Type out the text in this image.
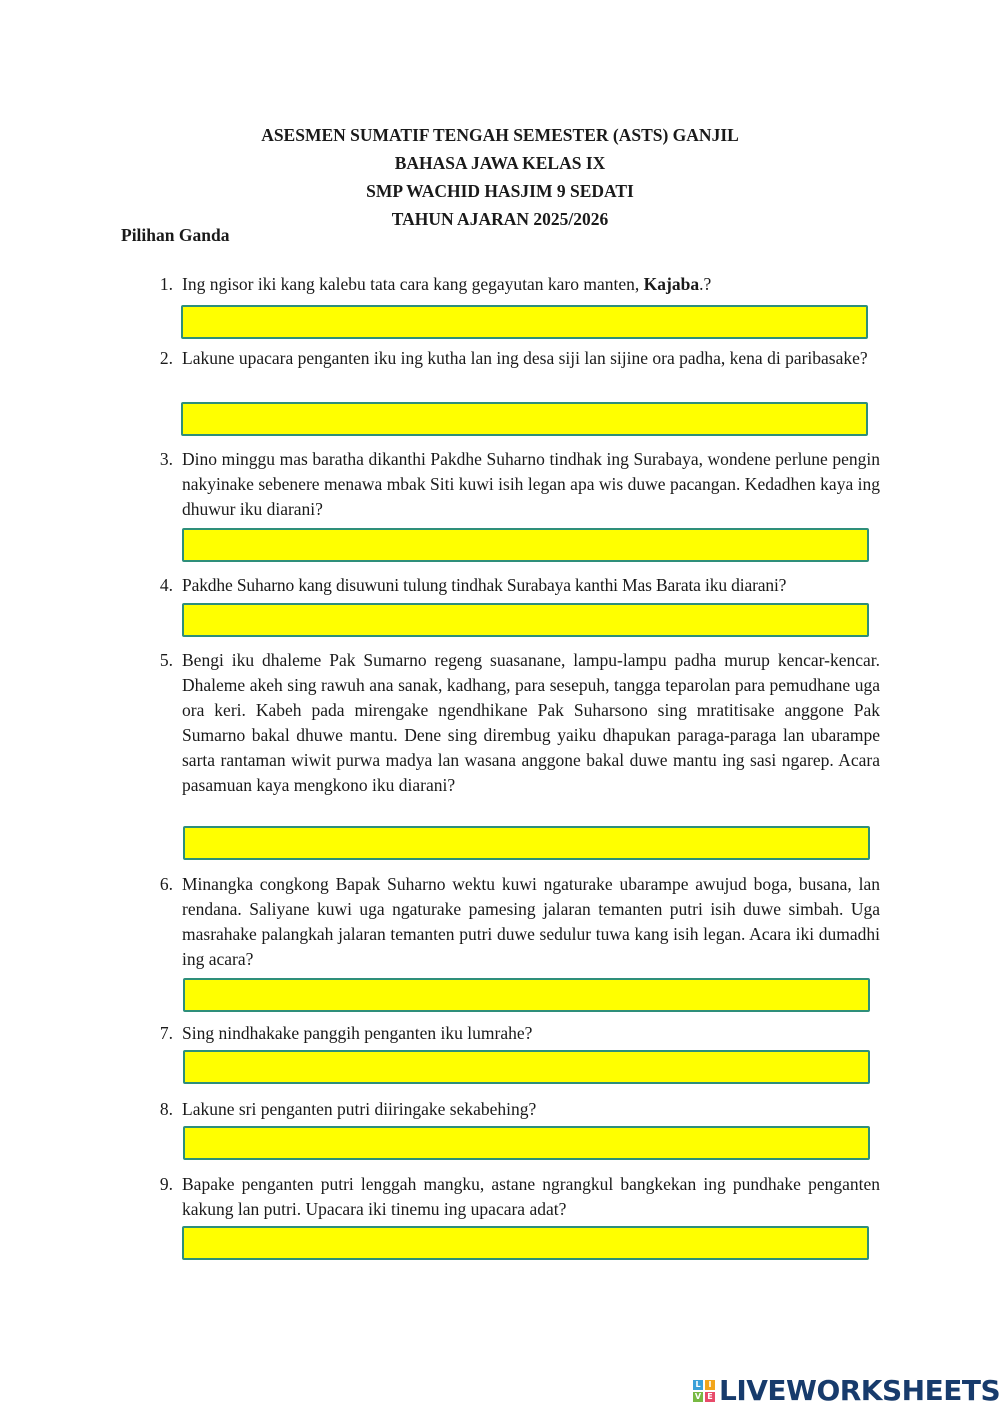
ASESMEN SUMATIF TENGAH SEMESTER (ASTS) GANJIL
BAHASA JAWA KELAS IX
SMP WACHID HASJIM 9 SEDATI
TAHUN AJARAN 2025/2026
Pilihan Ganda
1. Ing ngisor iki kang kalebu tata cara kang gegayutan karo manten, Kajaba.?
2. Lakune upacara penganten iku ing kutha lan ing desa siji lan sijine ora padha, kena di paribasake?
3. Dino minggu mas baratha dikanthi Pakdhe Suharno tindhak ing Surabaya, wondene perlune pengin nakyinake sebenere menawa mbak Siti kuwi isih legan apa wis duwe pacangan. Kedadhen kaya ing dhuwur iku diarani?
4. Pakdhe Suharno kang disuwuni tulung tindhak Surabaya kanthi Mas Barata iku diarani?
5. Bengi iku dhaleme Pak Sumarno regeng suasanane, lampu-lampu padha murup kencar-kencar. Dhaleme akeh sing rawuh ana sanak, kadhang, para sesepuh, tangga teparolan para pemudhane uga ora keri. Kabeh pada mirengake ngendhikane Pak Suharsono sing mratitisake anggone Pak Sumarno bakal dhuwe mantu. Dene sing dirembug yaiku dhapukan paraga-paraga lan ubarampe sarta rantaman wiwit purwa madya lan wasana anggone bakal duwe mantu ing sasi ngarep. Acara pasamuan kaya mengkono iku diarani?
6. Minangka congkong Bapak Suharno wektu kuwi ngaturake ubarampe awujud boga, busana, lan rendana. Saliyane kuwi uga ngaturake pamesing jalaran temanten putri isih duwe simbah. Uga masrahake palangkah jalaran temanten putri duwe sedulur tuwa kang isih legan. Acara iki dumadhi ing acara?
7. Sing nindhakake panggih penganten iku lumrahe?
8. Lakune sri penganten putri diiringake sekabehing?
9. Bapake penganten putri lenggah mangku, astane ngrangkul bangkekan ing pundhake penganten kakung lan putri. Upacara iki tinemu ing upacara adat?
L I
V E LIVEWORKSHEETS
